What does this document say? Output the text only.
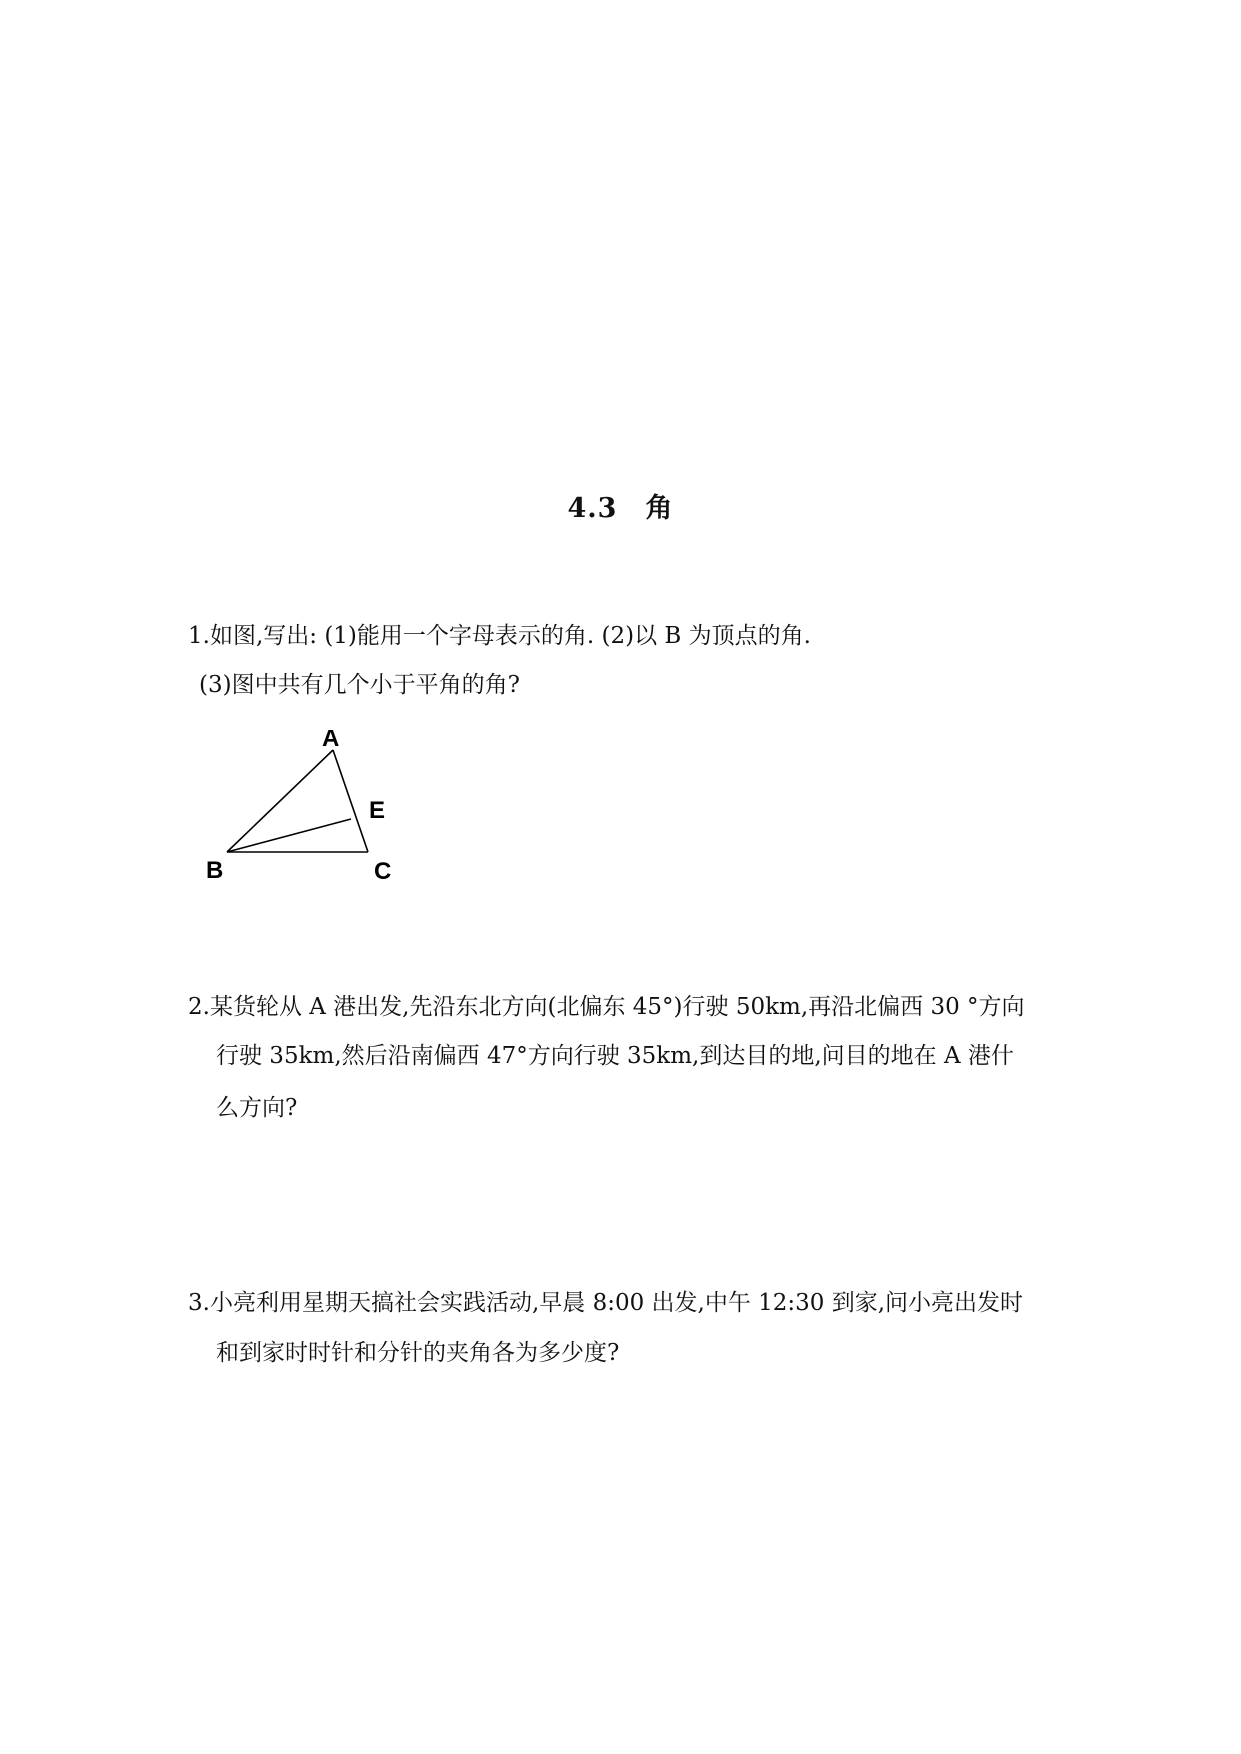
4.3　角
1.如图,写出: (1)能用一个字母表示的角. (2)以 B 为顶点的角.
(3)图中共有几个小于平角的角?
A
B	C
E
2.某货轮从 A 港出发,先沿东北方向(北偏东 45°)行驶 50km,再沿北偏西 30 °方向
行驶 35km,然后沿南偏西 47°方向行驶 35km,到达目的地,问目的地在 A 港什
么方向?
3.小亮利用星期天搞社会实践活动,早晨 8:00 出发,中午 12:30 到家,问小亮出发时
和到家时时针和分针的夹角各为多少度?
